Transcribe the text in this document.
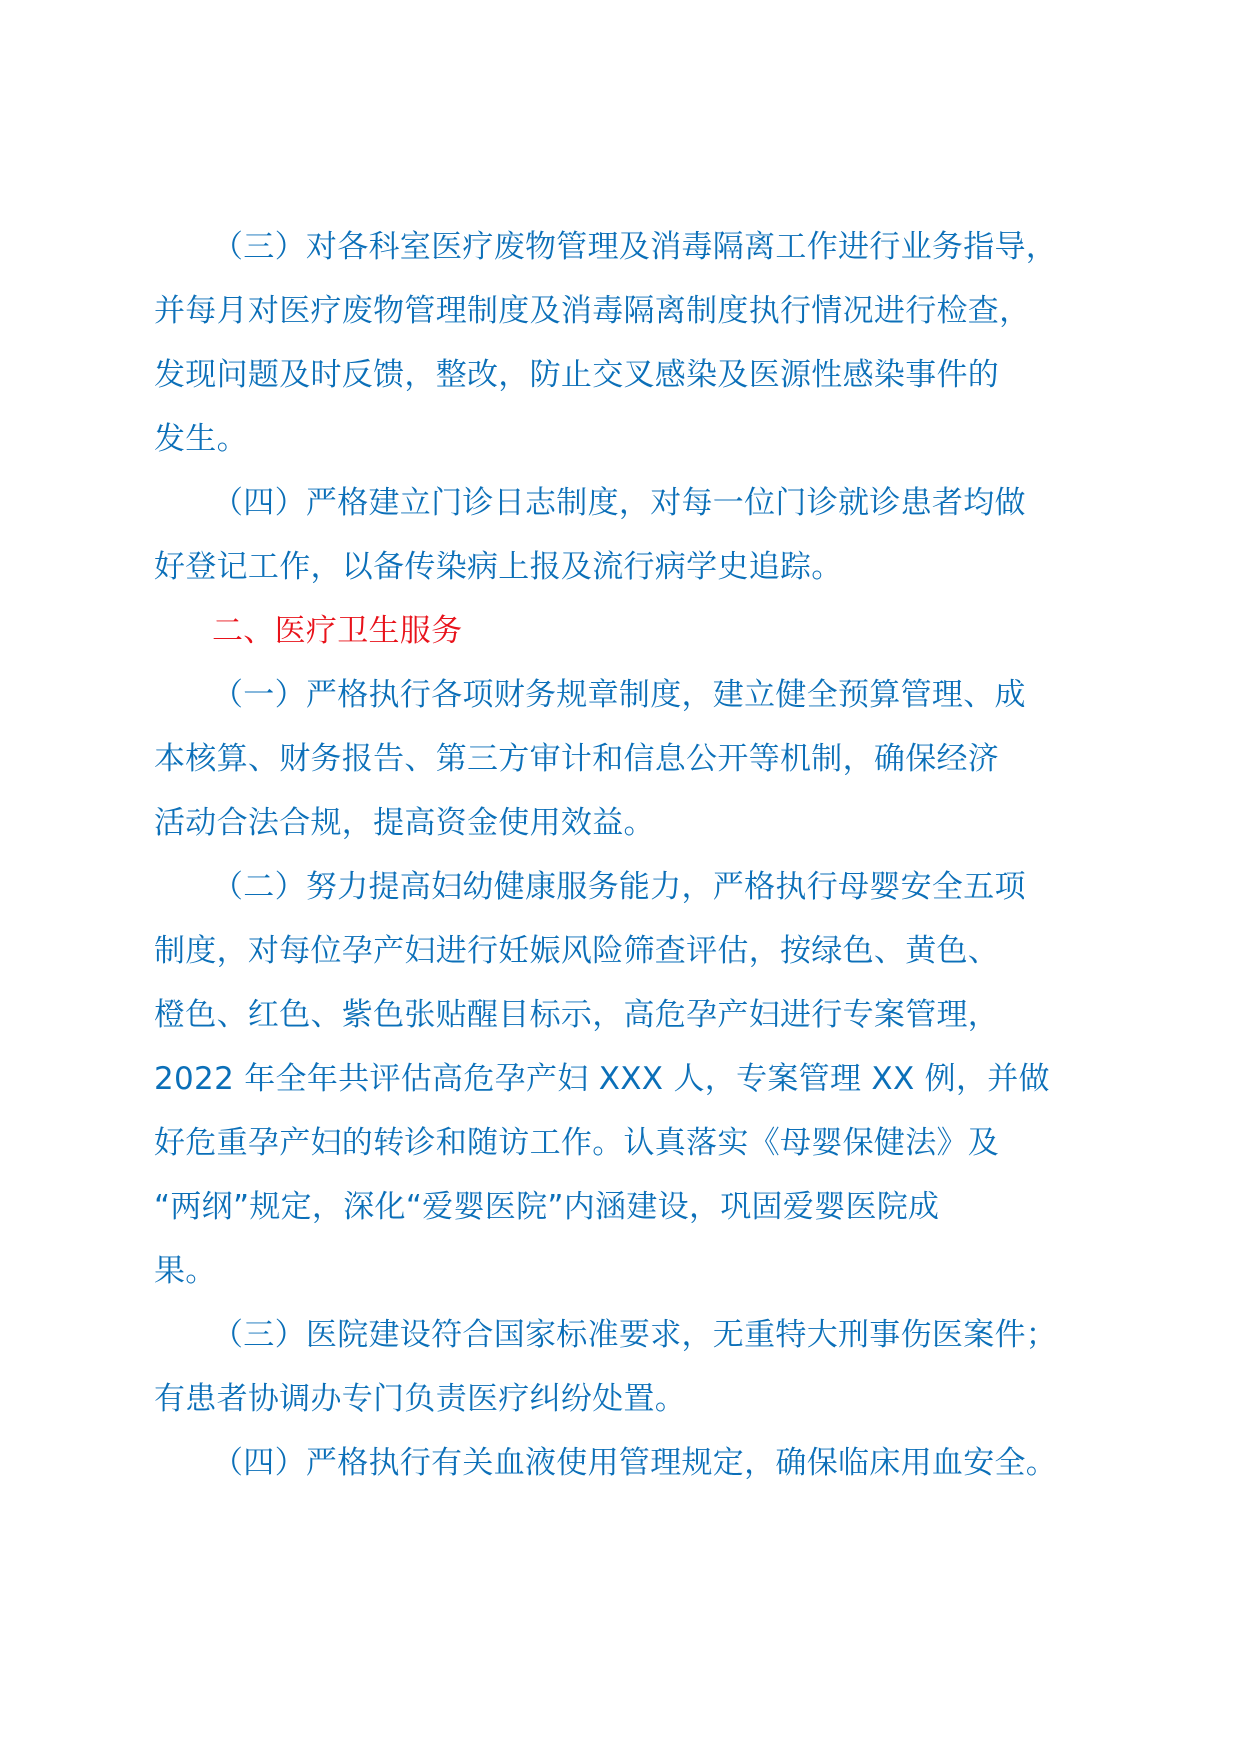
（三）对各科室医疗废物管理及消毒隔离工作进行业务指导，
并每月对医疗废物管理制度及消毒隔离制度执行情况进行检查，
发现问题及时反馈，整改，防止交叉感染及医源性感染事件的
发生。
（四）严格建立门诊日志制度，对每一位门诊就诊患者均做
好登记工作，以备传染病上报及流行病学史追踪。
二、医疗卫生服务
（一）严格执行各项财务规章制度，建立健全预算管理、成
本核算、财务报告、第三方审计和信息公开等机制，确保经济
活动合法合规，提高资金使用效益。
（二）努力提高妇幼健康服务能力，严格执行母婴安全五项
制度，对每位孕产妇进行妊娠风险筛查评估，按绿色、黄色、
橙色、红色、紫色张贴醒目标示，高危孕产妇进行专案管理，
2022 年全年共评估高危孕产妇 XXX 人，专案管理 XX 例，并做
好危重孕产妇的转诊和随访工作。认真落实《母婴保健法》及
“两纲”规定，深化“爱婴医院”内涵建设，巩固爱婴医院成
果。
（三）医院建设符合国家标准要求，无重特大刑事伤医案件；
有患者协调办专门负责医疗纠纷处置。
（四）严格执行有关血液使用管理规定，确保临床用血安全。
